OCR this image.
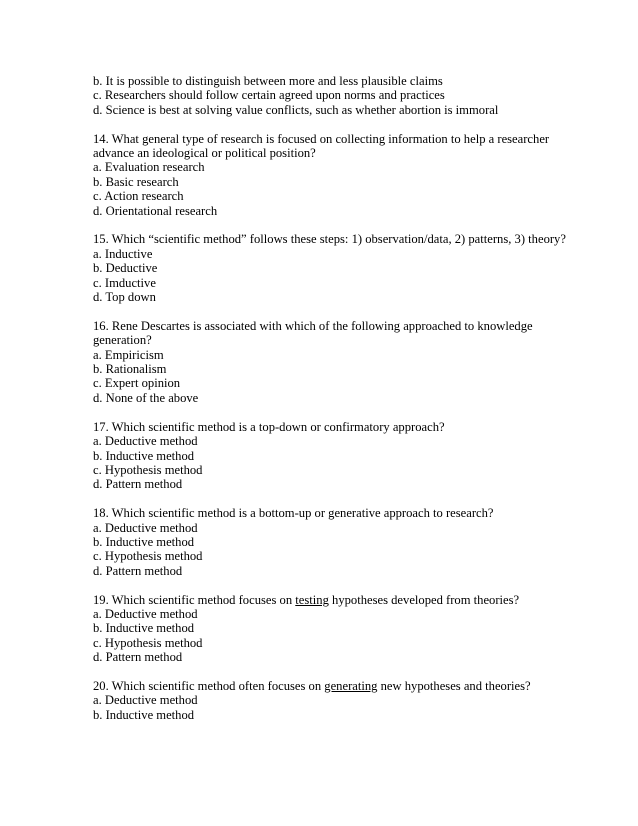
b. It is possible to distinguish between more and less plausible claims
c. Researchers should follow certain agreed upon norms and practices
d. Science is best at solving value conflicts, such as whether abortion is immoral
14. What general type of research is focused on collecting information to help a researcher advance an ideological or political position?
a. Evaluation research
b. Basic research
c. Action research
d. Orientational research
15. Which “scientific method” follows these steps: 1) observation/data, 2) patterns, 3) theory?
a. Inductive
b. Deductive
c. Imductive
d. Top down
16. Rene Descartes is associated with which of the following approached to knowledge generation?
a. Empiricism
b. Rationalism
c. Expert opinion
d. None of the above
17. Which scientific method is a top-down or confirmatory approach?
a. Deductive method
b. Inductive method
c. Hypothesis method
d. Pattern method
18. Which scientific method is a bottom-up or generative approach to research?
a. Deductive method
b. Inductive method
c. Hypothesis method
d. Pattern method
19. Which scientific method focuses on testing hypotheses developed from theories?
a. Deductive method
b. Inductive method
c. Hypothesis method
d. Pattern method
20. Which scientific method often focuses on generating new hypotheses and theories?
a. Deductive method
b. Inductive method
